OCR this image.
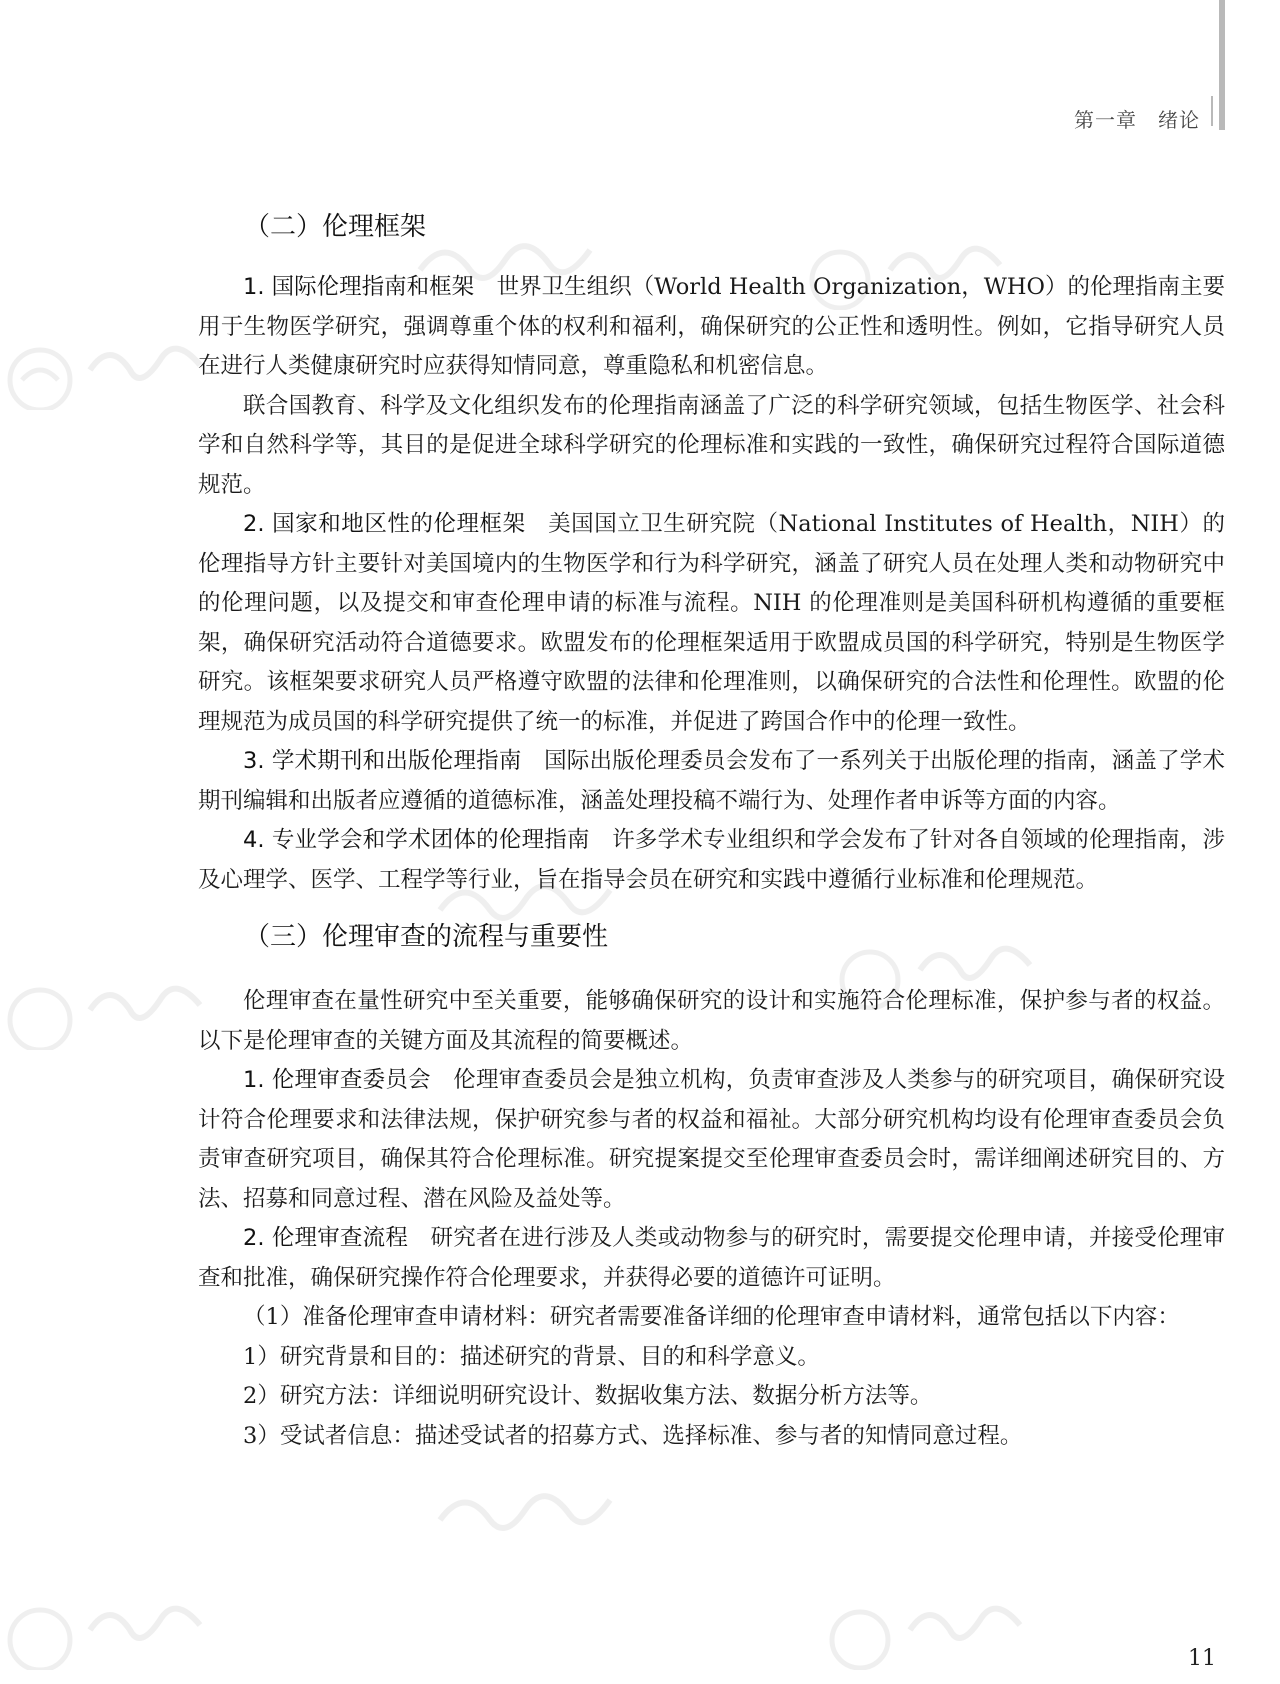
第一章　绪论
（二）伦理框架

1. 国际伦理指南和框架 世界卫生组织（World Health Organization，WHO）的伦理指南主要用于生物医学研究，强调尊重个体的权利和福利，确保研究的公正性和透明性。例如，它指导研究人员在进行人类健康研究时应获得知情同意，尊重隐私和机密信息。

联合国教育、科学及文化组织发布的伦理指南涵盖了广泛的科学研究领域，包括生物医学、社会科学和自然科学等，其目的是促进全球科学研究的伦理标准和实践的一致性，确保研究过程符合国际道德规范。

2. 国家和地区性的伦理框架 美国国立卫生研究院（National Institutes of Health，NIH）的伦理指导方针主要针对美国境内的生物医学和行为科学研究，涵盖了研究人员在处理人类和动物研究中的伦理问题，以及提交和审查伦理申请的标准与流程。NIH 的伦理准则是美国科研机构遵循的重要框架，确保研究活动符合道德要求。欧盟发布的伦理框架适用于欧盟成员国的科学研究，特别是生物医学研究。该框架要求研究人员严格遵守欧盟的法律和伦理准则，以确保研究的合法性和伦理性。欧盟的伦理规范为成员国的科学研究提供了统一的标准，并促进了跨国合作中的伦理一致性。

3. 学术期刊和出版伦理指南 国际出版伦理委员会发布了一系列关于出版伦理的指南，涵盖了学术期刊编辑和出版者应遵循的道德标准，涵盖处理投稿不端行为、处理作者申诉等方面的内容。

4. 专业学会和学术团体的伦理指南 许多学术专业组织和学会发布了针对各自领域的伦理指南，涉及心理学、医学、工程学等行业，旨在指导会员在研究和实践中遵循行业标准和伦理规范。

（三）伦理审查的流程与重要性

伦理审查在量性研究中至关重要，能够确保研究的设计和实施符合伦理标准，保护参与者的权益。以下是伦理审查的关键方面及其流程的简要概述。

1. 伦理审查委员会 伦理审查委员会是独立机构，负责审查涉及人类参与的研究项目，确保研究设计符合伦理要求和法律法规，保护研究参与者的权益和福祉。大部分研究机构均设有伦理审查委员会负责审查研究项目，确保其符合伦理标准。研究提案提交至伦理审查委员会时，需详细阐述研究目的、方法、招募和同意过程、潜在风险及益处等。

2. 伦理审查流程 研究者在进行涉及人类或动物参与的研究时，需要提交伦理申请，并接受伦理审查和批准，确保研究操作符合伦理要求，并获得必要的道德许可证明。

（1）准备伦理审查申请材料：研究者需要准备详细的伦理审查申请材料，通常包括以下内容：

1）研究背景和目的：描述研究的背景、目的和科学意义。

2）研究方法：详细说明研究设计、数据收集方法、数据分析方法等。

3）受试者信息：描述受试者的招募方式、选择标准、参与者的知情同意过程。

11
